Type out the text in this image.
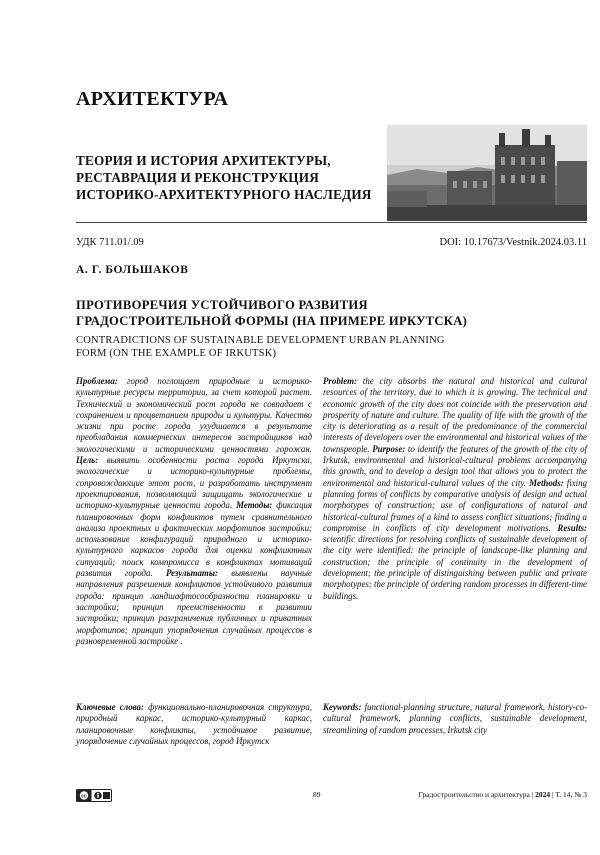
АРХИТЕКТУРА
ТЕОРИЯ И ИСТОРИЯ АРХИТЕКТУРЫ, РЕСТАВРАЦИЯ И РЕКОНСТРУКЦИЯ ИСТОРИКО-АРХИТЕКТУРНОГО НАСЛЕДИЯ
УДК 711.01/.09	DOI: 10.17673/Vestnik.2024.03.11
А. Г. БОЛЬШАКОВ
ПРОТИВОРЕЧИЯ УСТОЙЧИВОГО РАЗВИТИЯ ГРАДОСТРОИТЕЛЬНОЙ ФОРМЫ (НА ПРИМЕРЕ ИРКУТСКА)
CONTRADICTIONS OF SUSTAINABLE DEVELOPMENT URBAN PLANNING FORM (ON THE EXAMPLE OF IRKUTSK)
Проблема: город поглощает природные и историко-культурные ресурсы территории, за счет которой растет. Технический и экономический рост города не совпадает с сохранением и процветанием природы и культуры. Качество жизни при росте города ухудшается в результате преобладания коммерческих интересов застройщиков над экологическими и историческими ценностями горожан. Цель: выявить особенности роста города Иркутска, экологические и историко-культурные проблемы, сопровождающие этот рост, и разработать инструмент проектирования, позволяющий защищать экологические и историко-культурные ценности города. Методы: фиксация планировочных форм конфликтов путем сравнительного анализа проектных и фактических морфотипов застройки; использование конфигураций природного и историко-культурного каркасов города для оценки конфликтных ситуаций; поиск компромисса в конфликтах мотиваций развития города. Результаты: выявлены научные направления разрешения конфликтов устойчивого развития города: принцип ландшафтосообразности планировки и застройки; принцип преемственности в развитии застройки; принцип разграничения публичных и приватных морфотипов; принцип упорядочения случайных процессов в разновременной застройке .
Problem: the city absorbs the natural and historical and cultural resources of the territory, due to which it is growing. The technical and economic growth of the city does not coincide with the preservation and prosperity of nature and culture. The quality of life with the growth of the city is deteriorating as a result of the predominance of the commercial interests of developers over the environmental and historical values of the townspeople. Purpose: to identify the features of the growth of the city of Irkutsk, environmental and historical-cultural problems accompanying this growth, and to develop a design tool that allows you to protect the environmental and historical-cultural values of the city. Methods: fixing planning forms of conflicts by comparative analysis of design and actual morphotypes of construction; use of configurations of natural and historical-cultural frames of a kind to assess conflict situations; finding a compromise in conflicts of city development motivations. Results: scientific directions for resolving conflicts of sustainable development of the city were identified: the principle of landscape-like planning and construction; the principle of continuity in the development of development; the principle of distinguishing between public and private morphotypes; the principle of ordering random processes in different-time buildings.
Ключевые слова: функционально-планировочная структура, природный каркас, историко-культурный каркас, планировочные конфликты, устойчивое развитие, упорядочение случайных процессов, город Иркутск
Keywords: functional-planning structure, natural framework, history-co-cultural framework, planning conflicts, sustainable development, streamlining of random processes, Irkutsk city
cc	89	Градостроительство и архитектура | 2024 | Т. 14, № 3
